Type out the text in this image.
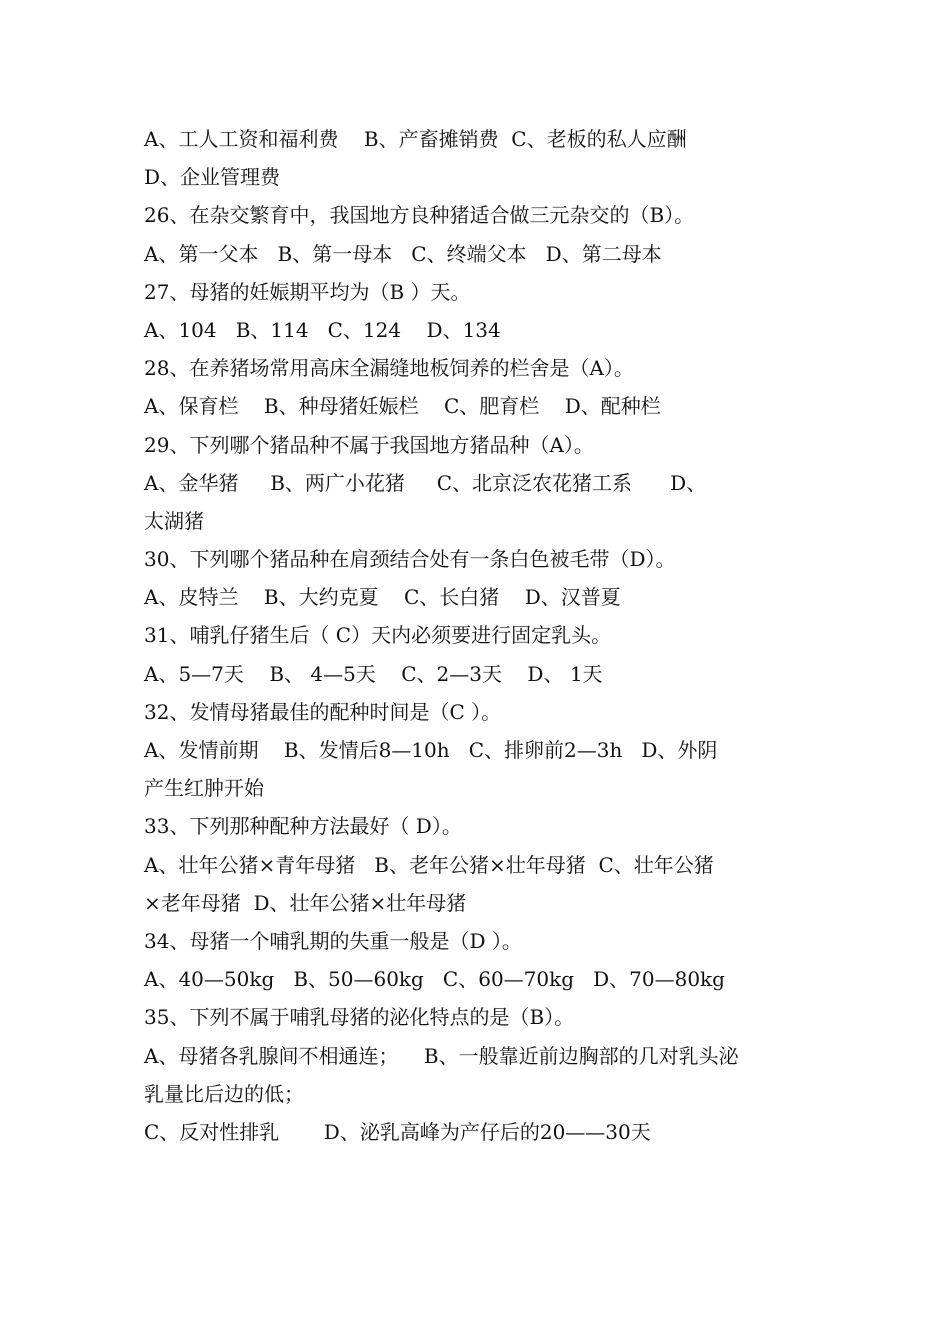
A、工人工资和福利费    B、产畜摊销费  C、老板的私人应酬
D、企业管理费
26、在杂交繁育中，我国地方良种猪适合做三元杂交的（B）。
A、第一父本   B、第一母本   C、终端父本   D、第二母本
27、母猪的妊娠期平均为（B ）天。
A、104   B、114   C、124    D、134
28、在养猪场常用高床全漏缝地板饲养的栏舍是（A）。
A、保育栏    B、种母猪妊娠栏    C、肥育栏    D、配种栏
29、下列哪个猪品种不属于我国地方猪品种（A）。
A、金华猪     B、两广小花猪     C、北京泛农花猪工系      D、
太湖猪
30、下列哪个猪品种在肩颈结合处有一条白色被毛带（D）。
A、皮特兰    B、大约克夏    C、长白猪    D、汉普夏
31、哺乳仔猪生后（ C）天内必须要进行固定乳头。
A、5—7天    B、 4—5天    C、2—3天    D、 1天
32、发情母猪最佳的配种时间是（C ）。
A、发情前期    B、发情后8—10h   C、排卵前2—3h   D、外阴
产生红肿开始
33、下列那种配种方法最好（ D）。
A、壮年公猪×青年母猪   B、老年公猪×壮年母猪  C、壮年公猪
×老年母猪  D、壮年公猪×壮年母猪
34、母猪一个哺乳期的失重一般是（D ）。
A、40—50kg   B、50—60kg   C、60—70kg   D、70—80kg
35、下列不属于哺乳母猪的泌化特点的是（B）。
A、母猪各乳腺间不相通连；    B、一般靠近前边胸部的几对乳头泌
乳量比后边的低；
C、反对性排乳       D、泌乳高峰为产仔后的20——30天
